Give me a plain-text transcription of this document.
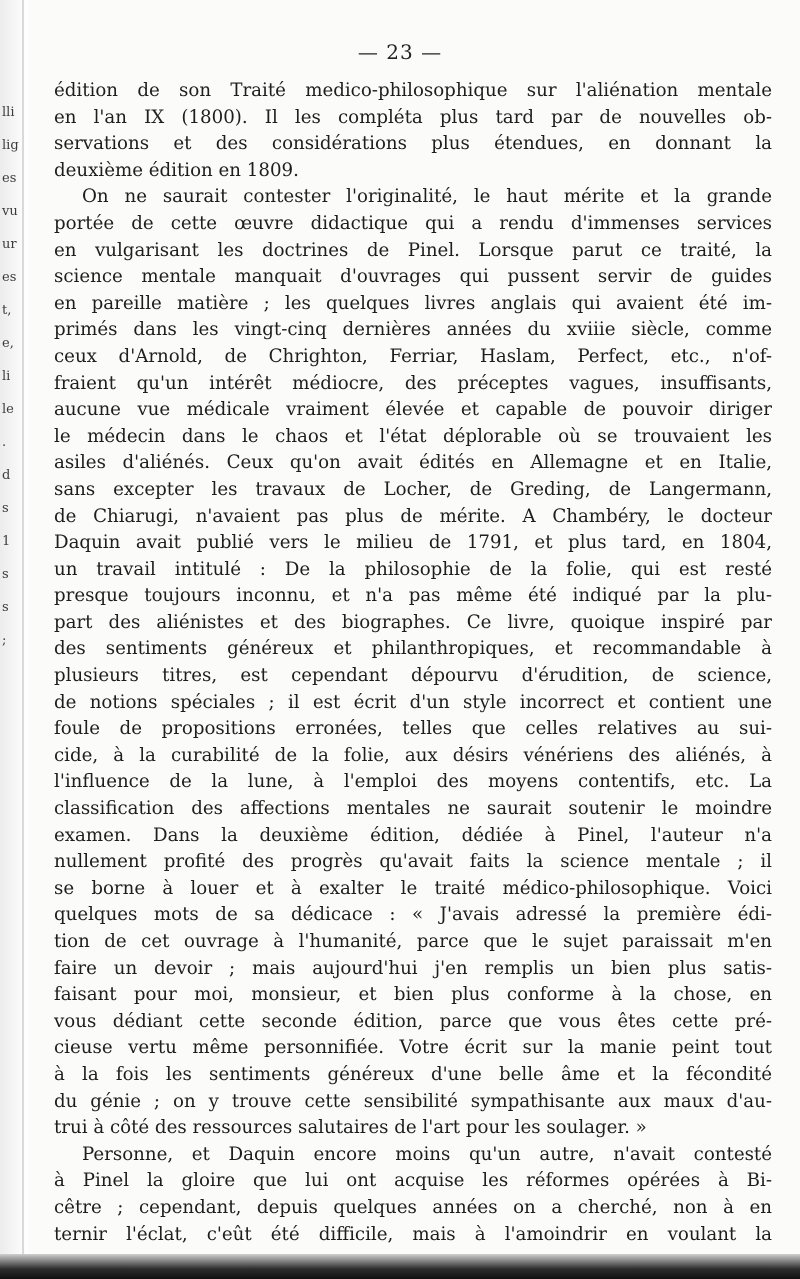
lli
lig
es
vu
ur
es
t,
e,
li
le
.
d
s
1
s
s
;
— 23 —
édition de son Traité medico-philosophique sur l'aliénation mentale
en l'an IX (1800). Il les compléta plus tard par de nouvelles ob-
servations et des considérations plus étendues, en donnant la
deuxième édition en 1809.
On ne saurait contester l'originalité, le haut mérite et la grande
portée de cette œuvre didactique qui a rendu d'immenses services
en vulgarisant les doctrines de Pinel. Lorsque parut ce traité, la
science mentale manquait d'ouvrages qui pussent servir de guides
en pareille matière ; les quelques livres anglais qui avaient été im-
primés dans les vingt-cinq dernières années du xviiie siècle, comme
ceux d'Arnold, de Chrighton, Ferriar, Haslam, Perfect, etc., n'of-
fraient qu'un intérêt médiocre, des préceptes vagues, insuffisants,
aucune vue médicale vraiment élevée et capable de pouvoir diriger
le médecin dans le chaos et l'état déplorable où se trouvaient les
asiles d'aliénés. Ceux qu'on avait édités en Allemagne et en Italie,
sans excepter les travaux de Locher, de Greding, de Langermann,
de Chiarugi, n'avaient pas plus de mérite. A Chambéry, le docteur
Daquin avait publié vers le milieu de 1791, et plus tard, en 1804,
un travail intitulé : De la philosophie de la folie, qui est resté
presque toujours inconnu, et n'a pas même été indiqué par la plu-
part des aliénistes et des biographes. Ce livre, quoique inspiré par
des sentiments généreux et philanthropiques, et recommandable à
plusieurs titres, est cependant dépourvu d'érudition, de science,
de notions spéciales ; il est écrit d'un style incorrect et contient une
foule de propositions erronées, telles que celles relatives au sui-
cide, à la curabilité de la folie, aux désirs vénériens des aliénés, à
l'influence de la lune, à l'emploi des moyens contentifs, etc. La
classification des affections mentales ne saurait soutenir le moindre
examen. Dans la deuxième édition, dédiée à Pinel, l'auteur n'a
nullement profité des progrès qu'avait faits la science mentale ; il
se borne à louer et à exalter le traité médico-philosophique. Voici
quelques mots de sa dédicace : « J'avais adressé la première édi-
tion de cet ouvrage à l'humanité, parce que le sujet paraissait m'en
faire un devoir ; mais aujourd'hui j'en remplis un bien plus satis-
faisant pour moi, monsieur, et bien plus conforme à la chose, en
vous dédiant cette seconde édition, parce que vous êtes cette pré-
cieuse vertu même personnifiée. Votre écrit sur la manie peint tout
à la fois les sentiments généreux d'une belle âme et la fécondité
du génie ; on y trouve cette sensibilité sympathisante aux maux d'au-
trui à côté des ressources salutaires de l'art pour les soulager. »
Personne, et Daquin encore moins qu'un autre, n'avait contesté
à Pinel la gloire que lui ont acquise les réformes opérées à Bi-
cêtre ; cependant, depuis quelques années on a cherché, non à en
ternir l'éclat, c'eût été difficile, mais à l'amoindrir en voulant la
